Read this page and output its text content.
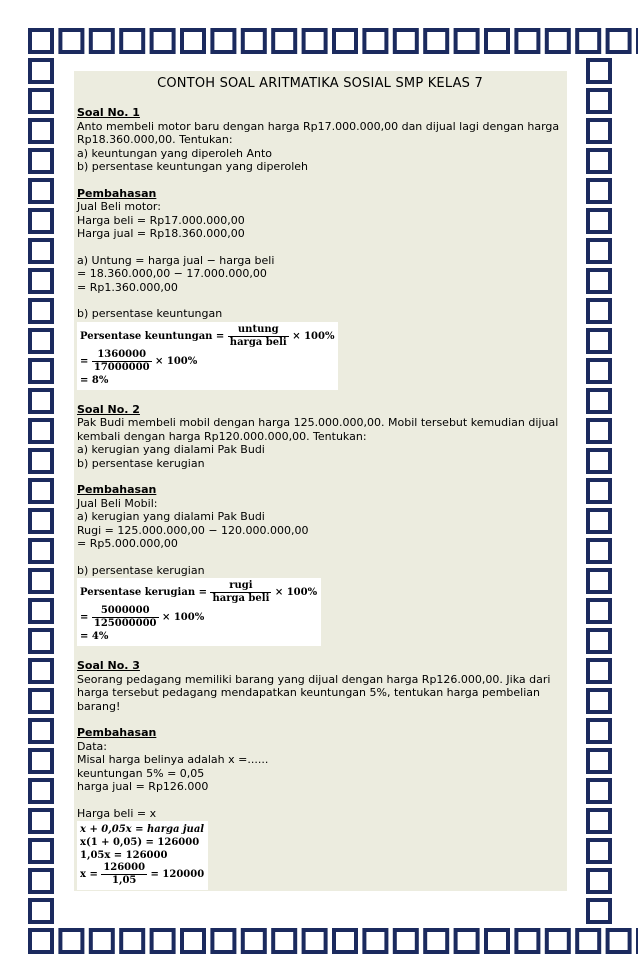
CONTOH SOAL ARITMATIKA SOSIAL SMP KELAS 7
Soal No. 1
Anto membeli motor baru dengan harga Rp17.000.000,00 dan dijual lagi dengan harga Rp18.360.000,00. Tentukan:
a) keuntungan yang diperoleh Anto
b) persentase keuntungan yang diperoleh
Pembahasan
Jual Beli motor:
Harga beli = Rp17.000.000,00
Harga jual = Rp18.360.000,00
a) Untung = harga jual − harga beli
= 18.360.000,00 − 17.000.000,00
= Rp1.360.000,00
b) persentase keuntungan
Persentase keuntungan = $\frac{\text{untung}}{\text{harga beli}} \times 100\%$
= $\frac{1360000}{17000000} \times 100\%$
= 8%
Soal No. 2
Pak Budi membeli mobil dengan harga 125.000.000,00. Mobil tersebut kemudian dijual kembali dengan harga Rp120.000.000,00. Tentukan:
a) kerugian yang dialami Pak Budi
b) persentase kerugian
Pembahasan
Jual Beli Mobil:
a) kerugian yang dialami Pak Budi
Rugi = 125.000.000,00 − 120.000.000,00
= Rp5.000.000,00
b) persentase kerugian
Persentase kerugian = $\frac{\text{rugi}}{\text{harga beli}} \times 100\%$
= $\frac{5000000}{125000000} \times 100\%$
= 4%
Soal No. 3
Seorang pedagang memiliki barang yang dijual dengan harga Rp126.000,00. Jika dari harga tersebut pedagang mendapatkan keuntungan 5%, tentukan harga pembelian barang!
Pembahasan
Data:
Misal harga belinya adalah x =......
keuntungan 5% = 0,05
harga jual = Rp126.000
Harga beli = x
x + 0,05x = harga jual
x(1 + 0,05) = 126000
1,05x = 126000
$x = \frac{126000}{1,05} = 120000$
